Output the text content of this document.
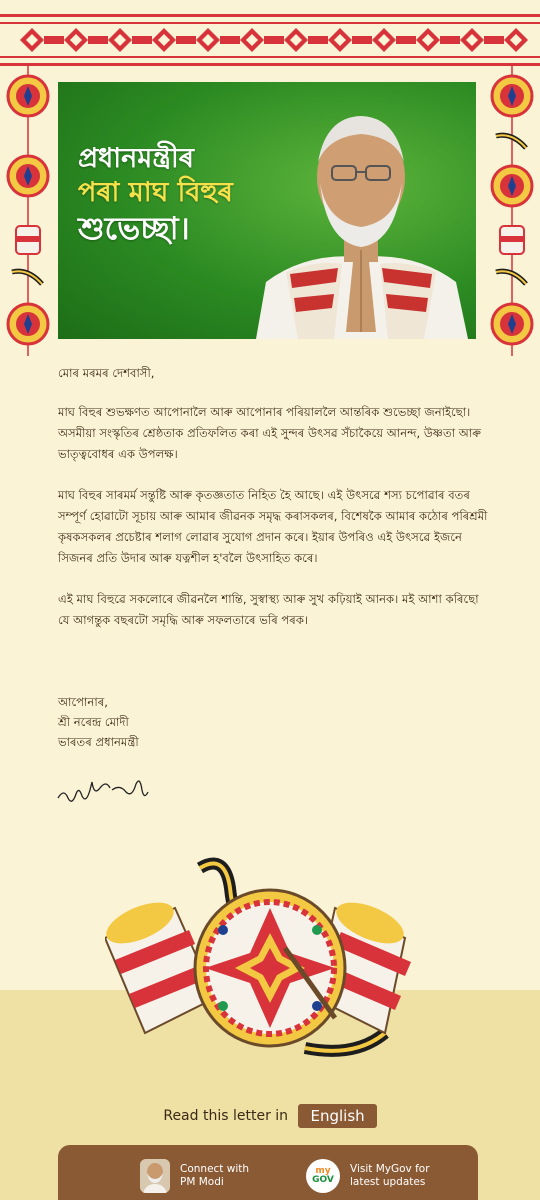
প্ৰধানমন্ত্ৰীৰ
পৰা মাঘ বিহুৰ
শুভেচ্ছা।

মোৰ মৰমৰ দেশবাসী,

মাঘ বিহুৰ শুভক্ষণত আপোনালৈ আৰু আপোনাৰ পৰিয়াললৈ আন্তৰিক শুভেচ্ছা জনাইছো। অসমীয়া সংস্কৃতিৰ শ্ৰেষ্ঠতাক প্ৰতিফলিত কৰা এই সুন্দৰ উৎসৱ সঁচাকৈয়ে আনন্দ, উষ্ণতা আৰু ভাতৃত্ববোধৰ এক উপলক্ষ।

মাঘ বিহুৰ সাৰমৰ্ম সন্তুষ্টি আৰু কৃতজ্ঞতাত নিহিত হৈ আছে। এই উৎসৱে শস্য চপোৱাৰ বতৰ সম্পূৰ্ণ হোৱাটো সূচায় আৰু আমাৰ জীৱনক সমৃদ্ধ কৰাসকলৰ, বিশেষকৈ আমাৰ কঠোৰ পৰিশ্ৰমী কৃষকসকলৰ প্ৰচেষ্টাৰ শলাগ লোৱাৰ সুযোগ প্ৰদান কৰে। ইয়াৰ উপৰিও এই উৎসৱে ইজনে সিজনৰ প্ৰতি উদাৰ আৰু যত্নশীল হ'বলৈ উৎসাহিত কৰে।

এই মাঘ বিহুৱে সকলোৰে জীৱনলৈ শান্তি, সুস্বাস্থ্য আৰু সুখ কঢ়িয়াই আনক। মই আশা কৰিছো যে আগন্তুক বছৰটো সমৃদ্ধি আৰু সফলতাৰে ভৰি পৰক।

আপোনাৰ,
শ্ৰী নৰেন্দ্ৰ মোদী
ভাৰতৰ প্ৰধানমন্ত্ৰী
Read this letter in English
Connect with
PM Modi
my
GOV
Visit MyGov for
latest updates
